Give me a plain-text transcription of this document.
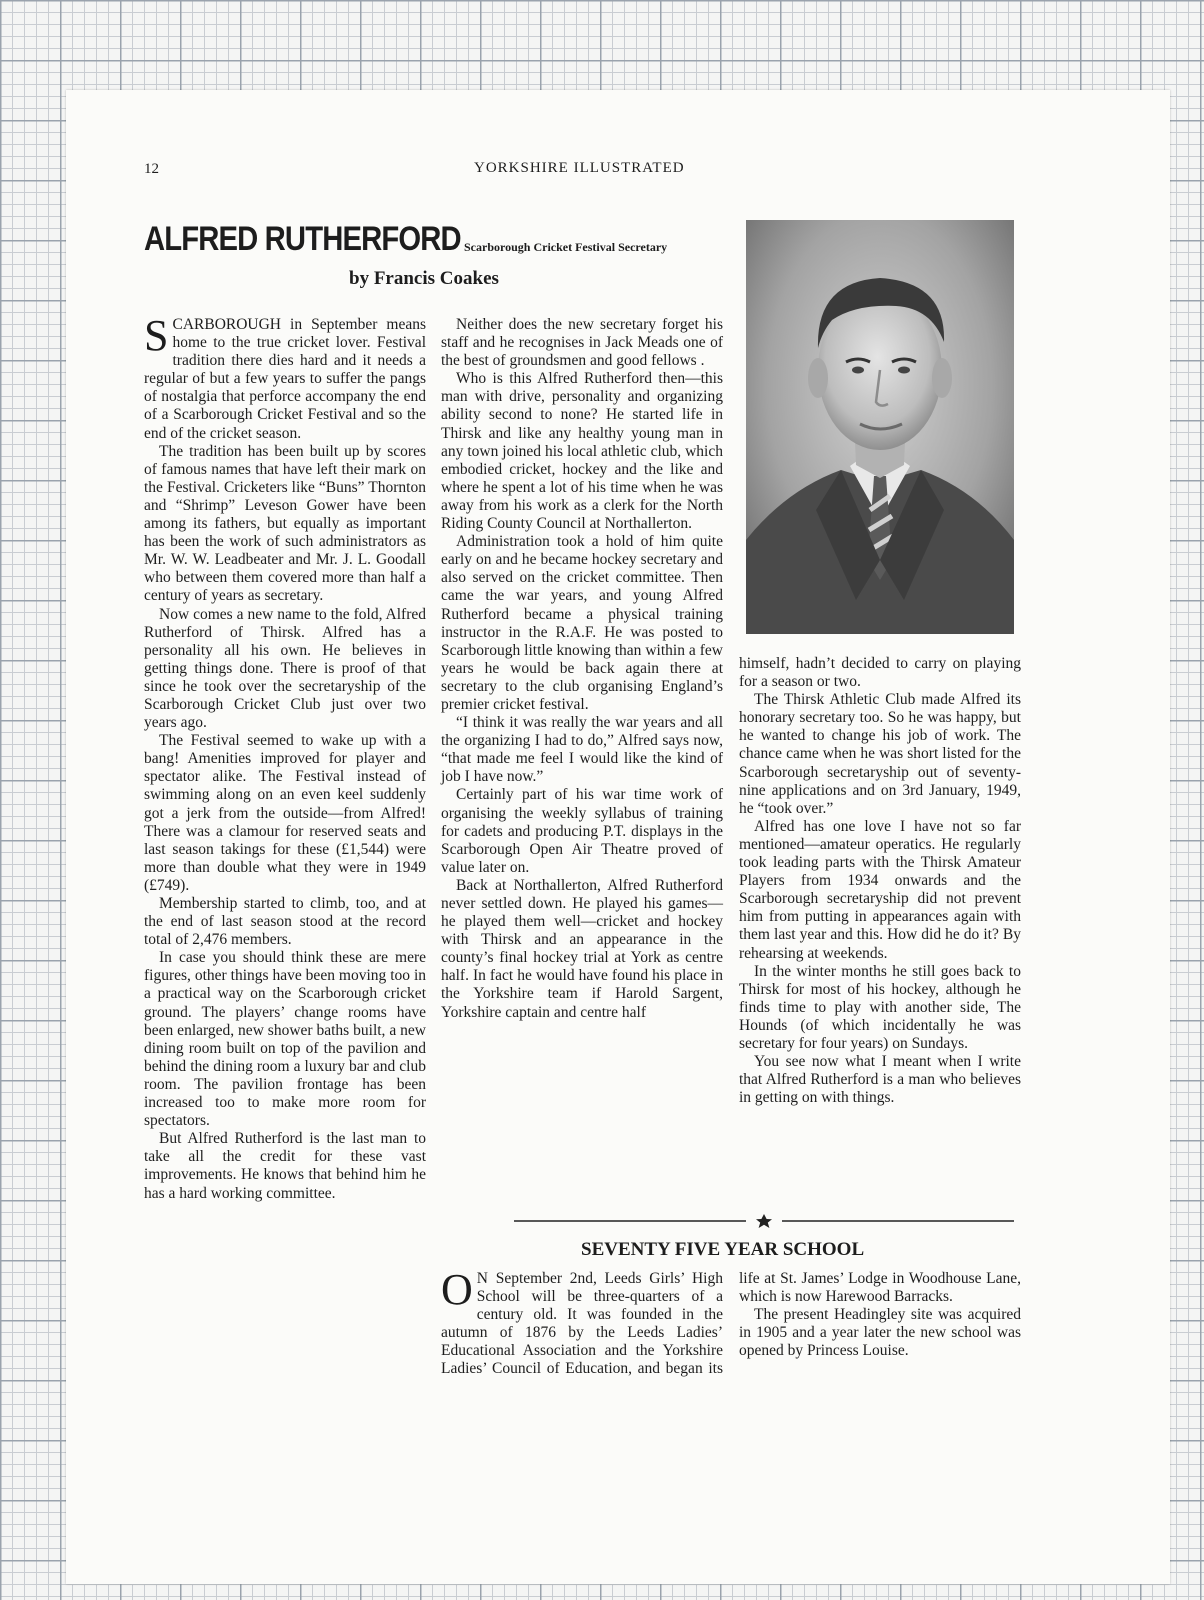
12	YORKSHIRE ILLUSTRATED
ALFRED RUTHERFORD Scarborough Cricket Festival Secretary
by Francis Coakes

SCARBOROUGH in September means home to the true cricket lover. Festival tradition there dies hard and it needs a regular of but a few years to suffer the pangs of nostalgia that perforce accompany the end of a Scarborough Cricket Festival and so the end of the cricket season.

The tradition has been built up by scores of famous names that have left their mark on the Festival. Cricketers like “Buns” Thornton and “Shrimp” Leveson Gower have been among its fathers, but equally as important has been the work of such administrators as Mr. W. W. Leadbeater and Mr. J. L. Goodall who between them covered more than half a century of years as secretary.

Now comes a new name to the fold, Alfred Rutherford of Thirsk. Alfred has a personality all his own. He believes in getting things done. There is proof of that since he took over the secretaryship of the Scarborough Cricket Club just over two years ago.

The Festival seemed to wake up with a bang! Amenities improved for player and spectator alike. The Festival instead of swimming along on an even keel suddenly got a jerk from the outside—from Alfred! There was a clamour for reserved seats and last season takings for these (£1,544) were more than double what they were in 1949 (£749).

Membership started to climb, too, and at the end of last season stood at the record total of 2,476 members.

In case you should think these are mere figures, other things have been moving too in a practical way on the Scarborough cricket ground. The players’ change rooms have been enlarged, new shower baths built, a new dining room built on top of the pavilion and behind the dining room a luxury bar and club room. The pavilion frontage has been increased too to make more room for spectators.

But Alfred Rutherford is the last man to take all the credit for these vast improvements. He knows that behind him he has a hard working committee.

Neither does the new secretary forget his staff and he recognises in Jack Meads one of the best of groundsmen and good fellows .

Who is this Alfred Rutherford then—this man with drive, personality and organizing ability second to none? He started life in Thirsk and like any healthy young man in any town joined his local athletic club, which embodied cricket, hockey and the like and where he spent a lot of his time when he was away from his work as a clerk for the North Riding County Council at Northallerton.

Administration took a hold of him quite early on and he became hockey secretary and also served on the cricket committee. Then came the war years, and young Alfred Rutherford became a physical training instructor in the R.A.F. He was posted to Scarborough little knowing than within a few years he would be back again there at secretary to the club organising England’s premier cricket festival.

“I think it was really the war years and all the organizing I had to do,” Alfred says now, “that made me feel I would like the kind of job I have now.”

Certainly part of his war time work of organising the weekly syllabus of training for cadets and producing P.T. displays in the Scarborough Open Air Theatre proved of value later on.

Back at Northallerton, Alfred Rutherford never settled down. He played his games—he played them well—cricket and hockey with Thirsk and an appearance in the county’s final hockey trial at York as centre half. In fact he would have found his place in the Yorkshire team if Harold Sargent, Yorkshire captain and centre half

himself, hadn’t decided to carry on playing for a season or two.

The Thirsk Athletic Club made Alfred its honorary secretary too. So he was happy, but he wanted to change his job of work. The chance came when he was short listed for the Scarborough secretaryship out of seventy-nine applications and on 3rd January, 1949, he “took over.”

Alfred has one love I have not so far mentioned—amateur operatics. He regularly took leading parts with the Thirsk Amateur Players from 1934 onwards and the Scarborough secretaryship did not prevent him from putting in appearances again with them last year and this. How did he do it? By rehearsing at weekends.

In the winter months he still goes back to Thirsk for most of his hockey, although he finds time to play with another side, The Hounds (of which incidentally he was secretary for four years) on Sundays.

You see now what I meant when I write that Alfred Rutherford is a man who believes in getting on with things.

SEVENTY FIVE YEAR SCHOOL

O N September 2nd, Leeds Girls’ High School will be three-quarters of a century old. It was founded in the autumn of 1876 by the Leeds Ladies’ Educational Association and the Yorkshire Ladies’ Council of Education, and began its life at St. James’ Lodge in Woodhouse Lane, which is now Harewood Barracks.

The present Headingley site was acquired in 1905 and a year later the new school was opened by Princess Louise.
